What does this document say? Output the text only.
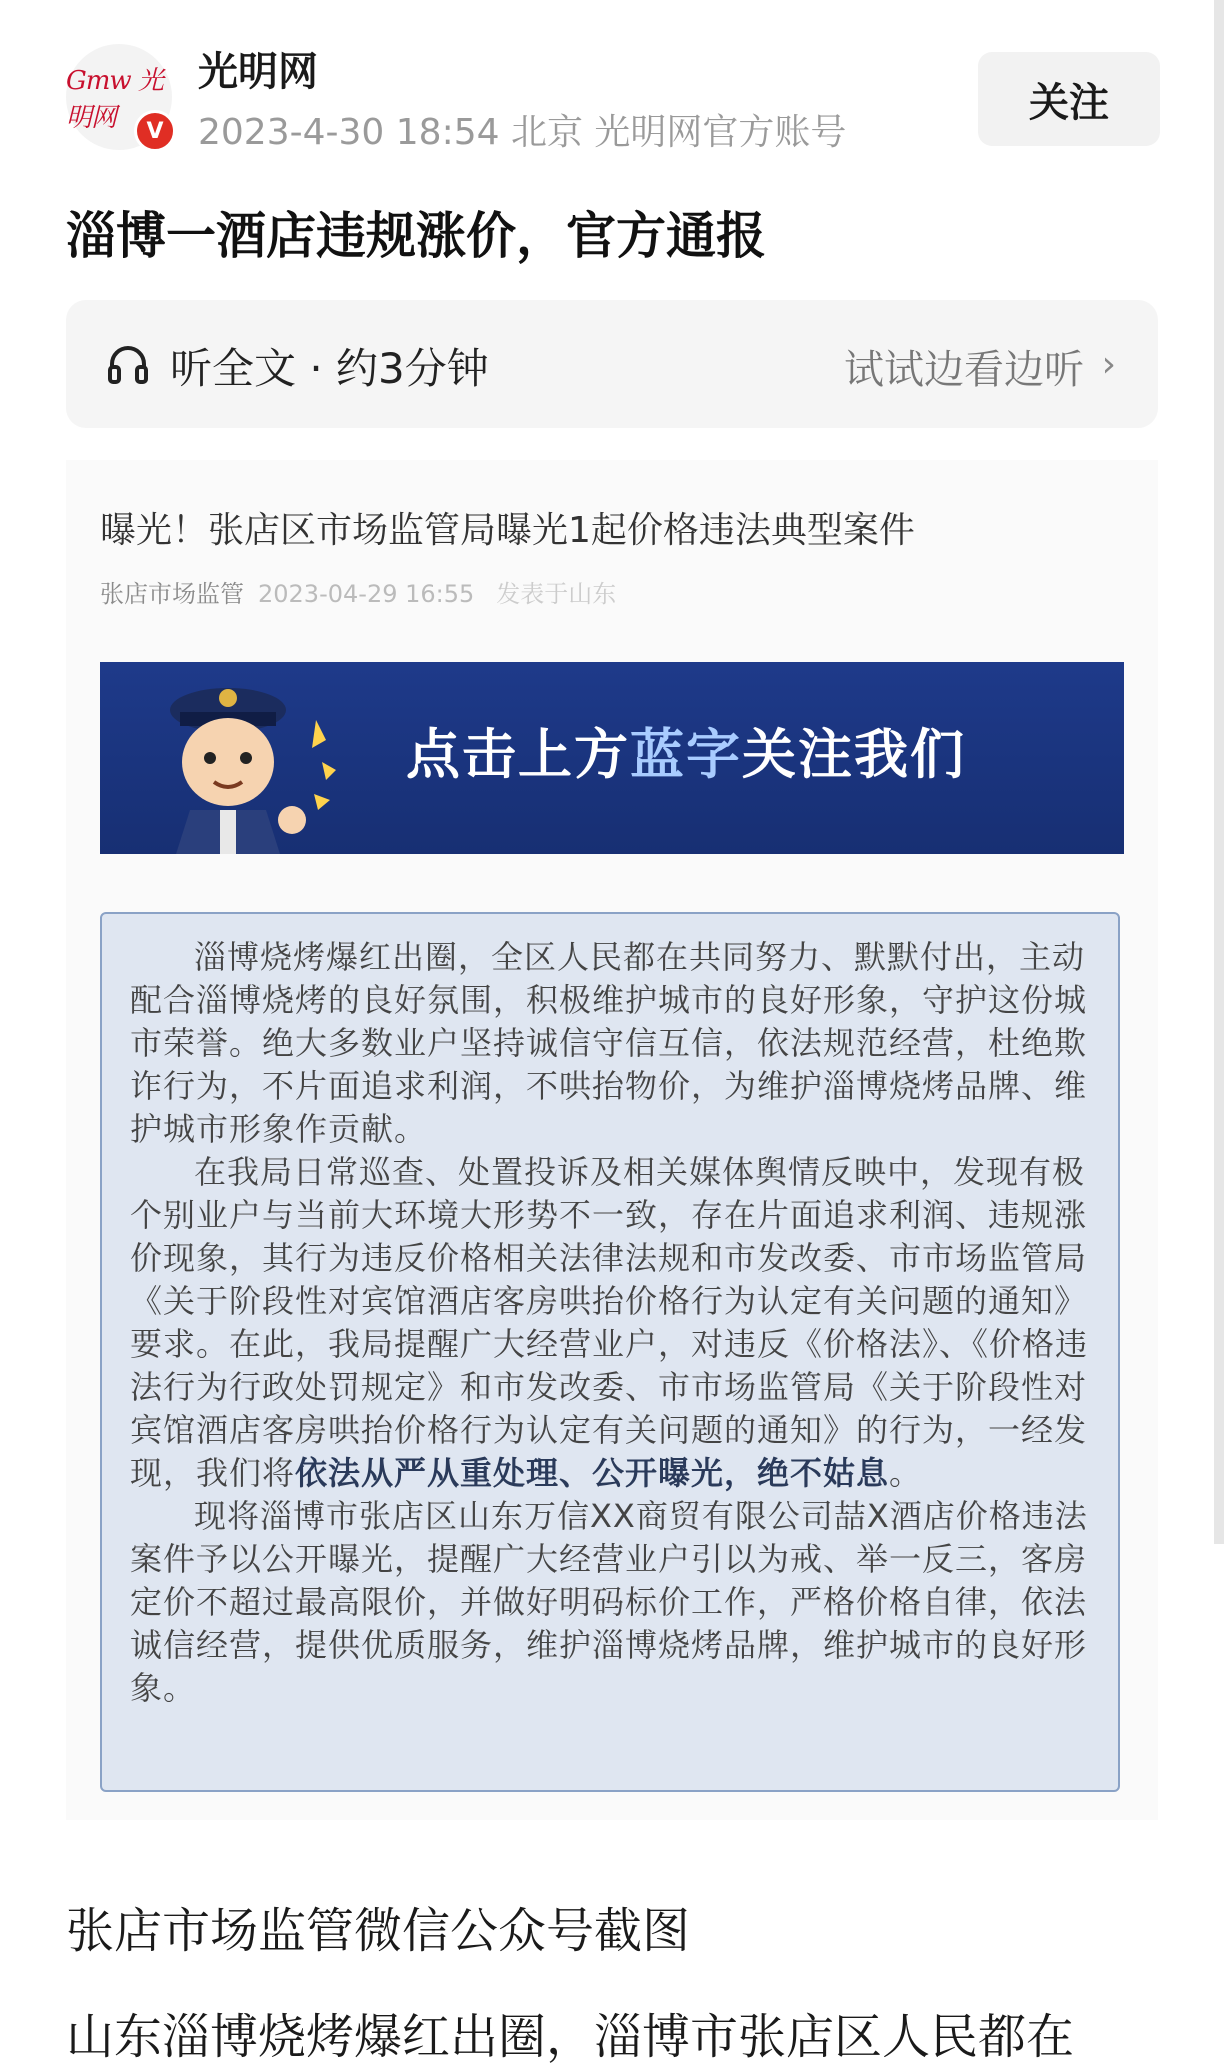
Gmw 光明网	V
光明网
2023-4-30 18:54 北京 光明网官方账号
关注
淄博一酒店违规涨价，官方通报
听全文 · 约3分钟	试试边看边听 ›
曝光！张店区市场监管局曝光1起价格违法典型案件
张店市场监管 2023-04-29 16:55 发表于山东
点击上方蓝字关注我们

淄博烧烤爆红出圈，全区人民都在共同努力、默默付出，主动配合淄博烧烤的良好氛围，积极维护城市的良好形象，守护这份城市荣誉。绝大多数业户坚持诚信守信互信，依法规范经营，杜绝欺诈行为，不片面追求利润，不哄抬物价，为维护淄博烧烤品牌、维护城市形象作贡献。

在我局日常巡查、处置投诉及相关媒体舆情反映中，发现有极个别业户与当前大环境大形势不一致，存在片面追求利润、违规涨价现象，其行为违反价格相关法律法规和市发改委、市市场监管局《关于阶段性对宾馆酒店客房哄抬价格行为认定有关问题的通知》要求。在此，我局提醒广大经营业户，对违反《价格法》、《价格违法行为行政处罚规定》和市发改委、市市场监管局《关于阶段性对宾馆酒店客房哄抬价格行为认定有关问题的通知》的行为，一经发现，我们将依法从严从重处理、公开曝光，绝不姑息。

现将淄博市张店区山东万信XX商贸有限公司喆X酒店价格违法案件予以公开曝光，提醒广大经营业户引以为戒、举一反三，客房定价不超过最高限价，并做好明码标价工作，严格价格自律，依法诚信经营，提供优质服务，维护淄博烧烤品牌，维护城市的良好形象。

张店市场监管微信公众号截图
山东淄博烧烤爆红出圈，淄博市张店区人民都在
